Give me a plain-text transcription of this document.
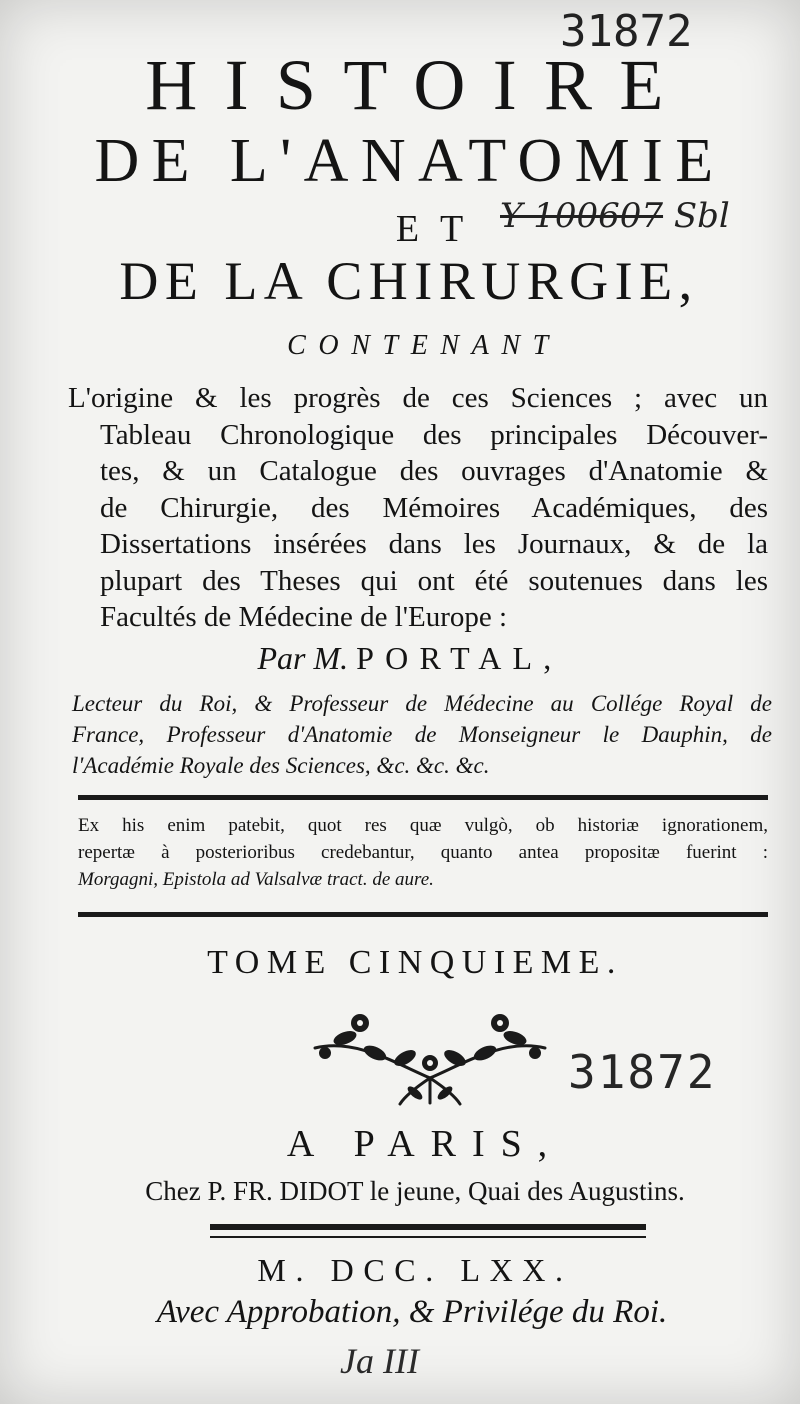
31872
Y 100607 Sbl
HISTOIRE
DE L'ANATOMIE
ET
DE LA CHIRURGIE,
CONTENANT
L'origine & les progrès de ces Sciences ; avec un
Tableau Chronologique des principales Découver-
tes, & un Catalogue des ouvrages d'Anatomie &
de Chirurgie, des Mémoires Académiques, des
Dissertations insérées dans les Journaux, & de la
plupart des Theses qui ont été soutenues dans les
Facultés de Médecine de l'Europe :
Par M. PORTAL,
Lecteur du Roi, & Professeur de Médecine au Collége Royal de
France, Professeur d'Anatomie de Monseigneur le Dauphin, de
l'Académie Royale des Sciences, &c. &c. &c.
Ex his enim patebit, quot res quæ vulgò, ob historiæ ignorationem,
repertæ à posterioribus credebantur, quanto antea propositæ fuerint :
Morgagni, Epistola ad Valsalvæ tract. de aure.
TOME CINQUIEME.
31872
A PARIS,
Chez P. FR. DIDOT le jeune, Quai des Augustins.
M. DCC. LXX.
Avec Approbation, & Privilége du Roi.
Ja III
